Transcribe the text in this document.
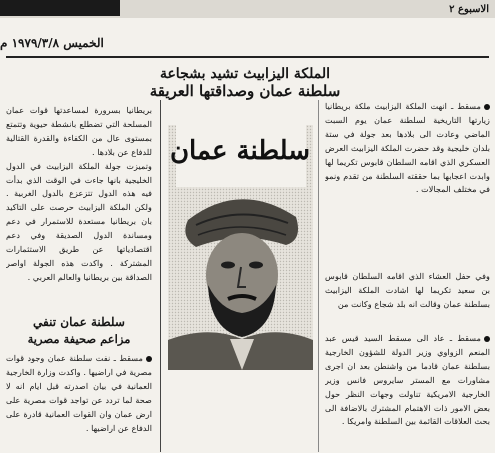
الاسبوع ٢
الخميس ١٩٧٩/٣/٨ م
الملكة اليزابيث تشيد بشجاعة
سلطنة عمان وصداقتها العريقة
سلطنة عمان
مسقط ـ انهت الملكة اليزابيث ملكة بريطانيا زيارتها التاريخية لسلطنة عمان يوم السبت الماضي وعادت الى بلادها بعد جولة في ستة بلدان خليجية وقد حضرت الملكة اليزابيث العرض العسكري الذي اقامه السلطان قابوس تكريما لها وابدت اعجابها بما حققته السلطنة من تقدم ونمو في مختلف المجالات .
وفي حفل العشاء الذي اقامه السلطان قابوس بن سعيد تكريما لها اشادت الملكة اليزابيث بسلطنة عمان وقالت انه بلد شجاع وكانت من
مسقط ـ عاد الى مسقط السيد قيس عبد المنعم الزواوي وزير الدولة للشؤون الخارجية بسلطنة عمان قادما من واشنطن بعد ان اجرى مشاورات مع المستر سايروس فانس وزير الخارجية الامريكية تناولت وجهات النظر حول بعض الامور ذات الاهتمام المشترك بالاضافة الى بحث العلاقات القائمة بين السلطنة وامريكا .
بريطانيا بسرورة لمساعدتها قوات عمان المسلحة التي تضطلع بانشطة حيوية وتتمتع بمستوى عال من الكفاءة والقدرة القتالية للدفاع عن بلادها .
وتميزت جولة الملكة اليزابيث في الدول الخليجية بانها جاءت في الوقت الذي بدأت فيه هذه الدول تتزعزع بالدول الغربية . ولكن الملكة اليزابيث حرصت على التاكيد بان بريطانيا مستعدة للاستمرار في دعم ومساندة الدول الصديقة وفي دعم اقتصادياتها عن طريق الاستثمارات المشتركة . واكدت هذه الجولة اواصر الصداقة بين بريطانيا والعالم العربي .
سلطنة عمان تنفي
مزاعم صحيفة مصرية
مسقط ـ نفت سلطنة عمان وجود قوات مصرية في اراضيها . واكدت وزارة الخارجية العمانية في بيان اصدرته قبل ايام انه لا صحة لما تردد عن تواجد قوات مصرية على ارض عمان وان القوات العمانية قادرة على الدفاع عن اراضيها .
